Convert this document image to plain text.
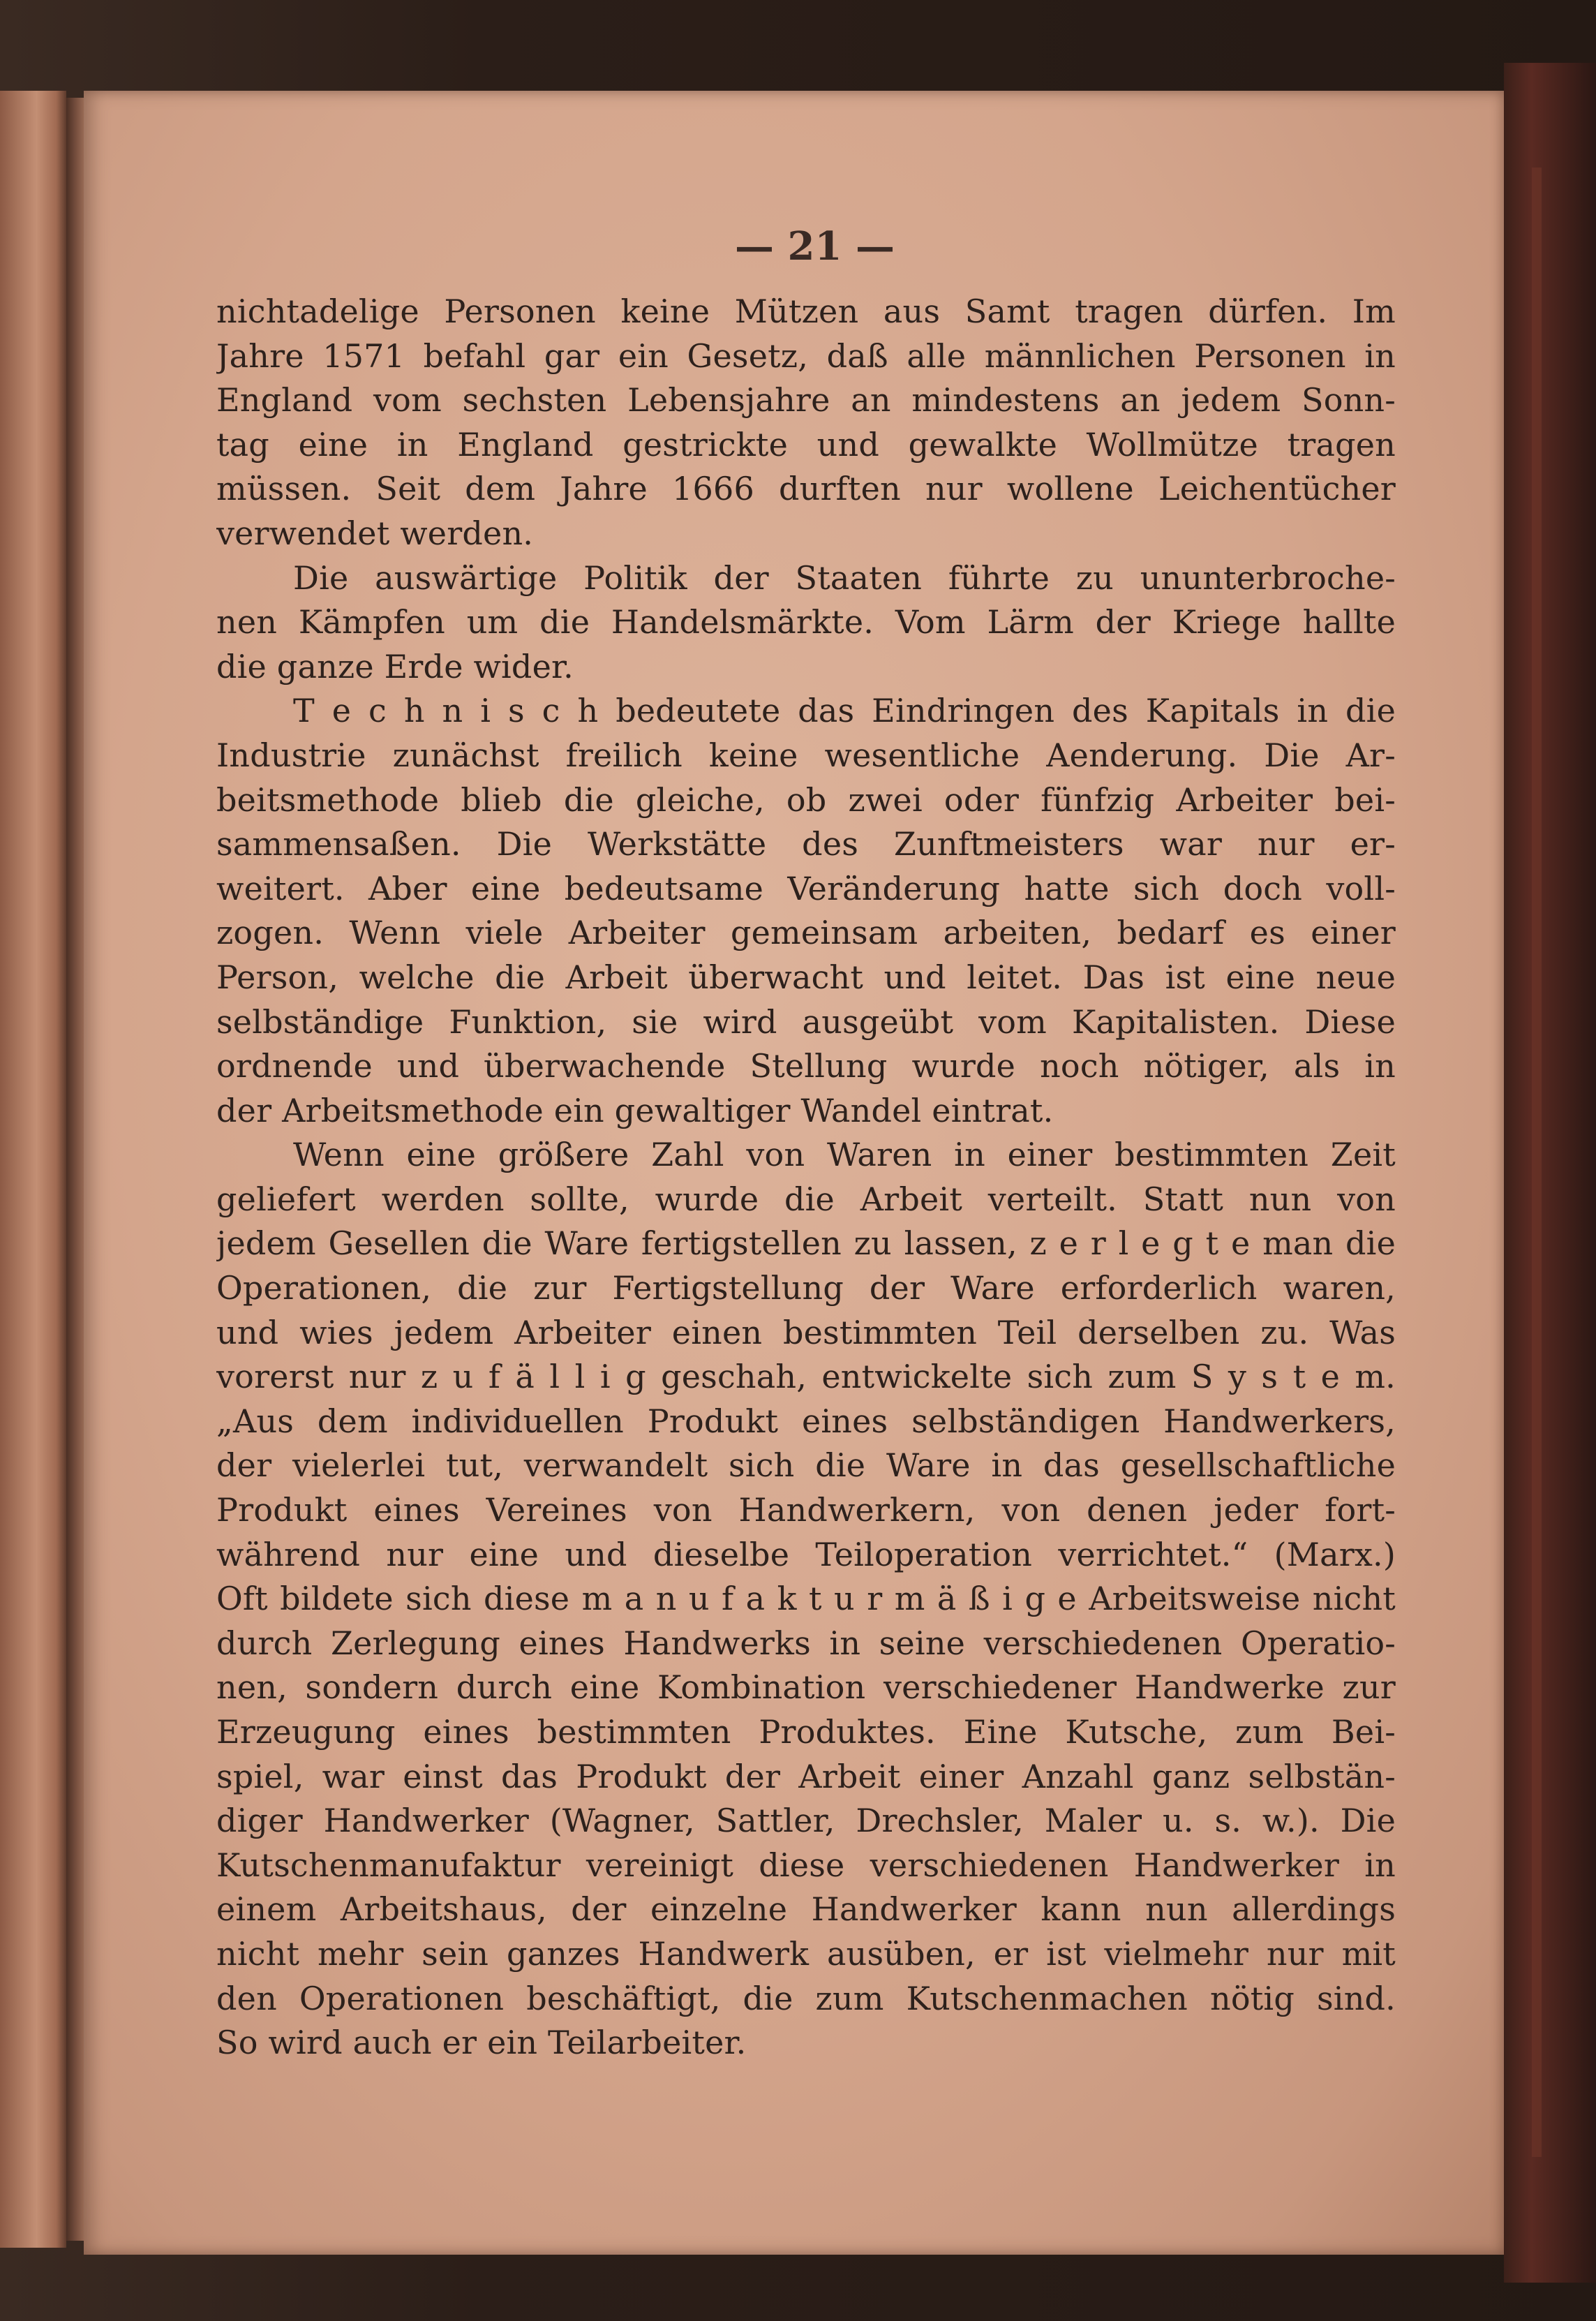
— 21 —
nichtadelige Personen keine Mützen aus Samt tragen dürfen. Im
Jahre 1571 befahl gar ein Gesetz, daß alle männlichen Personen in
England vom sechsten Lebensjahre an mindestens an jedem Sonn-
tag eine in England gestrickte und gewalkte Wollmütze tragen
müssen. Seit dem Jahre 1666 durften nur wollene Leichentücher
verwendet werden.
Die auswärtige Politik der Staaten führte zu ununterbroche-
nen Kämpfen um die Handelsmärkte. Vom Lärm der Kriege hallte
die ganze Erde wider.
T e c h n i s c h bedeutete das Eindringen des Kapitals in die
Industrie zunächst freilich keine wesentliche Aenderung. Die Ar-
beitsmethode blieb die gleiche, ob zwei oder fünfzig Arbeiter bei-
sammensaßen. Die Werkstätte des Zunftmeisters war nur er-
weitert. Aber eine bedeutsame Veränderung hatte sich doch voll-
zogen. Wenn viele Arbeiter gemeinsam arbeiten, bedarf es einer
Person, welche die Arbeit überwacht und leitet. Das ist eine neue
selbständige Funktion, sie wird ausgeübt vom Kapitalisten. Diese
ordnende und überwachende Stellung wurde noch nötiger, als in
der Arbeitsmethode ein gewaltiger Wandel eintrat.
Wenn eine größere Zahl von Waren in einer bestimmten Zeit
geliefert werden sollte, wurde die Arbeit verteilt. Statt nun von
jedem Gesellen die Ware fertigstellen zu lassen, z e r l e g t e man die
Operationen, die zur Fertigstellung der Ware erforderlich waren,
und wies jedem Arbeiter einen bestimmten Teil derselben zu. Was
vorerst nur z u f ä l l i g geschah, entwickelte sich zum S y s t e m.
„Aus dem individuellen Produkt eines selbständigen Handwerkers,
der vielerlei tut, verwandelt sich die Ware in das gesellschaftliche
Produkt eines Vereines von Handwerkern, von denen jeder fort-
während nur eine und dieselbe Teiloperation verrichtet.“ (Marx.)
Oft bildete sich diese m a n u f a k t u r m ä ß i g e Arbeitsweise nicht
durch Zerlegung eines Handwerks in seine verschiedenen Operatio-
nen, sondern durch eine Kombination verschiedener Handwerke zur
Erzeugung eines bestimmten Produktes. Eine Kutsche, zum Bei-
spiel, war einst das Produkt der Arbeit einer Anzahl ganz selbstän-
diger Handwerker (Wagner, Sattler, Drechsler, Maler u. s. w.). Die
Kutschenmanufaktur vereinigt diese verschiedenen Handwerker in
einem Arbeitshaus, der einzelne Handwerker kann nun allerdings
nicht mehr sein ganzes Handwerk ausüben, er ist vielmehr nur mit
den Operationen beschäftigt, die zum Kutschenmachen nötig sind.
So wird auch er ein Teilarbeiter.
